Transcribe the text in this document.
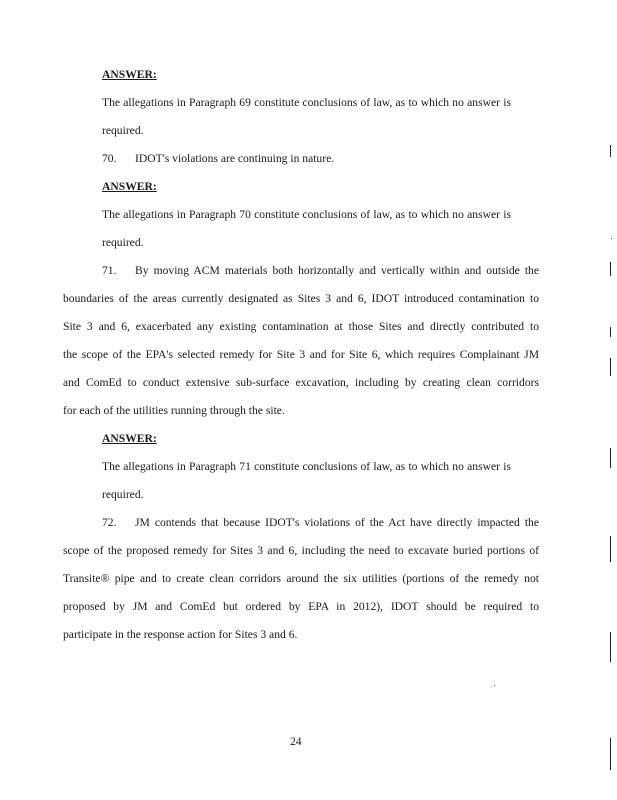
ANSWER:
The allegations in Paragraph 69 constitute conclusions of law, as to which no answer is
required.
70. IDOT's violations are continuing in nature.
ANSWER:
The allegations in Paragraph 70 constitute conclusions of law, as to which no answer is
required.
71. By moving ACM materials both horizontally and vertically within and outside the
boundaries of the areas currently designated as Sites 3 and 6, IDOT introduced contamination to
Site 3 and 6, exacerbated any existing contamination at those Sites and directly contributed to
the scope of the EPA's selected remedy for Site 3 and for Site 6, which requires Complainant JM
and ComEd to conduct extensive sub-surface excavation, including by creating clean corridors
for each of the utilities running through the site.
ANSWER:
The allegations in Paragraph 71 constitute conclusions of law, as to which no answer is
required.
72. JM contends that because IDOT's violations of the Act have directly impacted the
scope of the proposed remedy for Sites 3 and 6, including the need to excavate buried portions of
Transite® pipe and to create clean corridors around the six utilities (portions of the remedy not
proposed by JM and ComEd but ordered by EPA in 2012), IDOT should be required to
participate in the response action for Sites 3 and 6.
24
